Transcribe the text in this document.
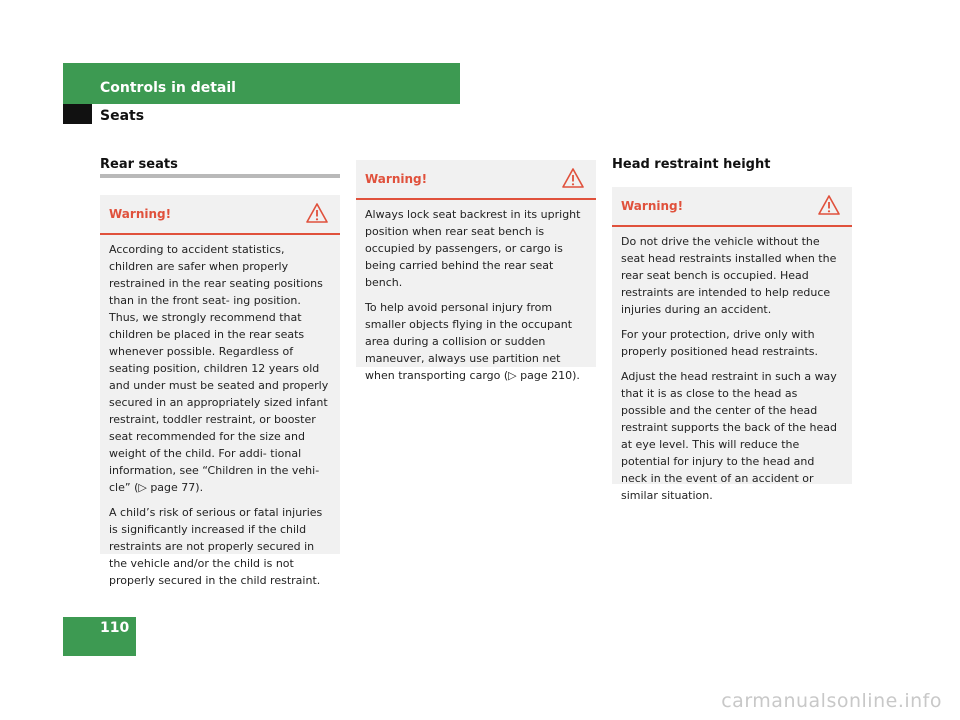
Controls in detail
Seats
Rear seats
Warning!

According to accident statistics, children are safer when properly restrained in the rear seating positions than in the front seat- ing position. Thus, we strongly recommend that children be placed in the rear seats whenever possible. Regardless of seating position, children 12 years old and under must be seated and properly secured in an appropriately sized infant restraint, toddler restraint, or booster seat recommended for the size and weight of the child. For addi- tional information, see “Children in the vehi- cle” (▷ page 77).

A child’s risk of serious or fatal injuries is significantly increased if the child restraints are not properly secured in the vehicle and/or the child is not properly secured in the child restraint.

Warning!

Always lock seat backrest in its upright position when rear seat bench is occupied by passengers, or cargo is being carried behind the rear seat bench.

To help avoid personal injury from smaller objects flying in the occupant area during a collision or sudden maneuver, always use partition net when transporting cargo (▷ page 210).

Head restraint height
Warning!

Do not drive the vehicle without the seat head restraints installed when the rear seat bench is occupied. Head restraints are intended to help reduce injuries during an accident.

For your protection, drive only with properly positioned head restraints.

Adjust the head restraint in such a way that it is as close to the head as possible and the center of the head restraint supports the back of the head at eye level. This will reduce the potential for injury to the head and neck in the event of an accident or similar situation.

110
carmanualsonline.info
